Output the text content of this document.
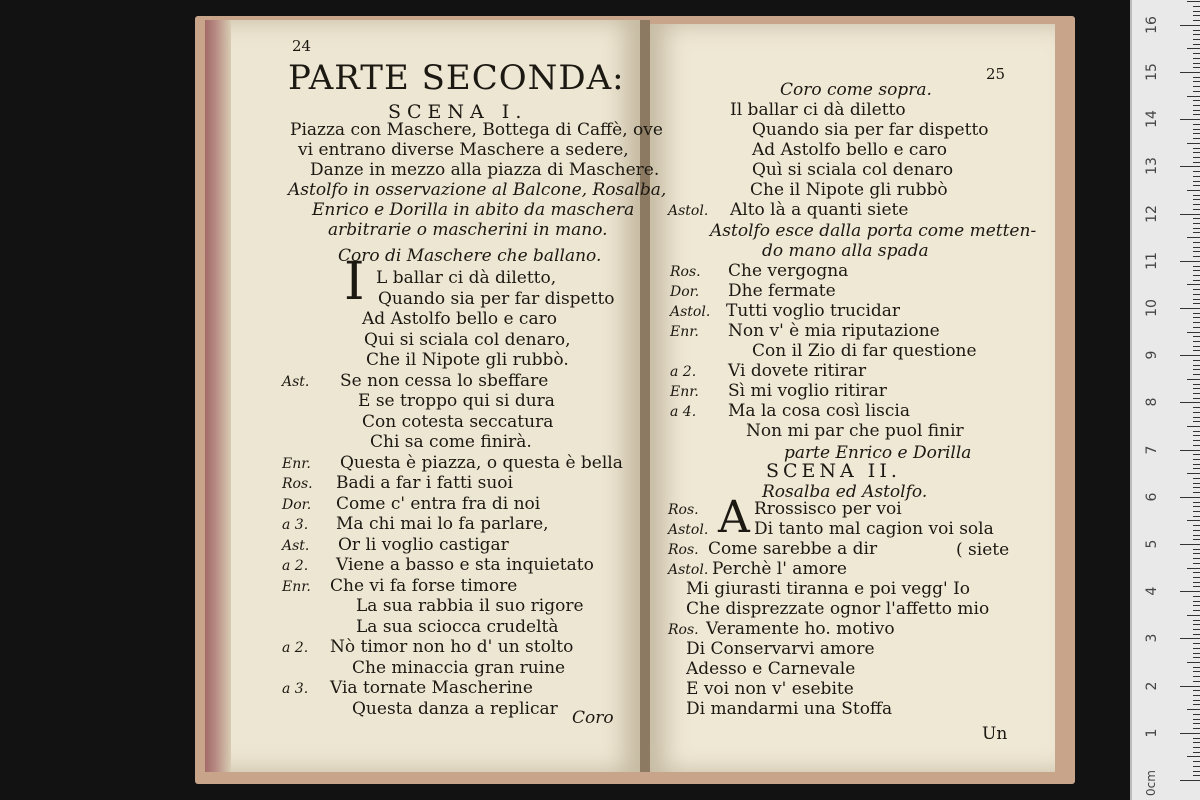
24
PARTE SECONDA:
SCENA I.
Piazza con Maschere, Bottega di Caffè, ove
vi entrano diverse Maschere a sedere,
Danze in mezzo alla piazza di Maschere.
Astolfo in osservazione al Balcone, Rosalba,
Enrico e Dorilla in abito da maschera
arbitrarie o mascherini in mano.
Coro di Maschere che ballano.
I L ballar ci dà diletto,
Quando sia per far dispetto
Ad Astolfo bello e caro
Qui si sciala col denaro,
Che il Nipote gli rubbò.
Ast. Se non cessa lo sbeffare
E se troppo qui si dura
Con cotesta seccatura
Chi sa come finirà.
Enr. Questa è piazza, o questa è bella
Ros. Badi a far i fatti suoi
Dor. Come c' entra fra di noi
a 3. Ma chi mai lo fa parlare,
Ast. Or li voglio castigar
a 2. Viene a basso e sta inquietato
Enr. Che vi fa forse timore
La sua rabbia il suo rigore
La sua sciocca crudeltà
a 2. Nò timor non ho d' un stolto
Che minaccia gran ruine
a 3. Via tornate Mascherine
Questa danza a replicar Coro
25
Coro come sopra.
Il ballar ci dà diletto
Quando sia per far dispetto
Ad Astolfo bello e caro
Quì si sciala col denaro
Che il Nipote gli rubbò
Astol. Alto là a quanti siete
Astolfo esce dalla porta come metten-
do mano alla spada
Ros. Che vergogna
Dor. Dhe fermate
Astol. Tutti voglio trucidar
Enr. Non v' è mia riputazione
Con il Zio di far questione
a 2. Vi dovete ritirar
Enr. Sì mi voglio ritirar
a 4. Ma la cosa così liscia
Non mi par che puol finir
parte Enrico e Dorilla
SCENA II.
Rosalba ed Astolfo.
A
Ros.	Rrossisco per voi
Astol.	Di tanto mal cagion voi sola
Ros. Come sarebbe a dir
Astol. Perchè l' amore
Mi giurasti tiranna e poi vegg' Io
Che disprezzate ognor l'affetto mio
Ros. Veramente ho. motivo
Di Conservarvi amore
Adesso e Carnevale
E voi non v' esebite
Di mandarmi una Stoffa
( siete
Un	1
2
3
4
5
6
7
8
9
10
11
12
13
14
15
16
0cm
